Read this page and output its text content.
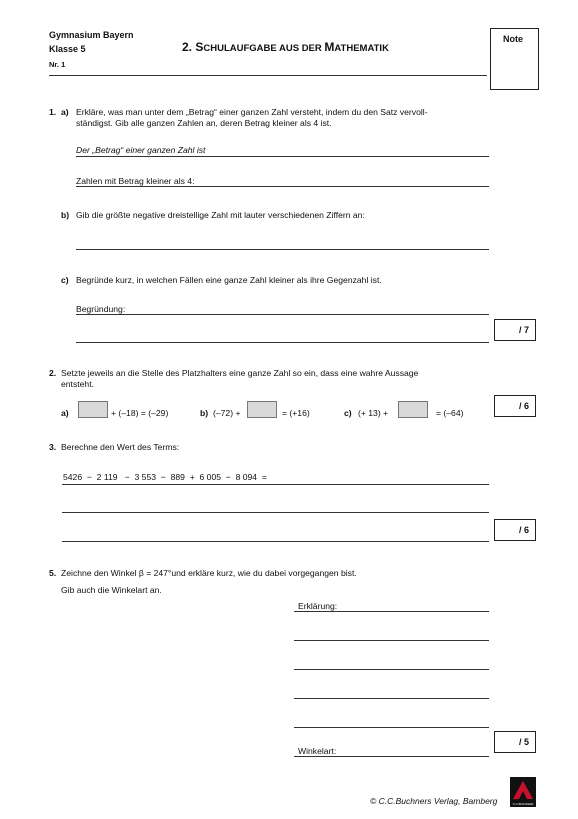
Gymnasium Bayern
Klasse 5
Nr. 1
2. SCHULAUFGABE AUS DER MATHEMATIK
Note
1. a) Erkläre, was man unter dem „Betrag“ einer ganzen Zahl versteht, indem du den Satz vervoll-
ständigst. Gib alle ganzen Zahlen an, deren Betrag kleiner als 4 ist.
Der „Betrag“ einer ganzen Zahl ist
Zahlen mit Betrag kleiner als 4:
b) Gib die größte negative dreistellige Zahl mit lauter verschiedenen Ziffern an:
c) Begründe kurz, in welchen Fällen eine ganze Zahl kleiner als ihre Gegenzahl ist.
Begründung:
/ 7
2. Setzte jeweils an die Stelle des Platzhalters eine ganze Zahl so ein, dass eine wahre Aussage
entsteht.
a)	+ (–18) = (–29)	b) (–72) +	= (+16)	c) (+ 13) +	= (–64)
/ 6
3. Berechne den Wert des Terms:
5426  −  2 119   −  3 553  −  889  +  6 005  −  8 094  =
/ 6
5. Zeichne den Winkel β = 247°und erkläre kurz, wie du dabei vorgegangen bist.
Gib auch die Winkelart an.
Erklärung:
Winkelart:
/ 5
© C.C.Buchners Verlag, Bamberg	C.C.BUCHNER
